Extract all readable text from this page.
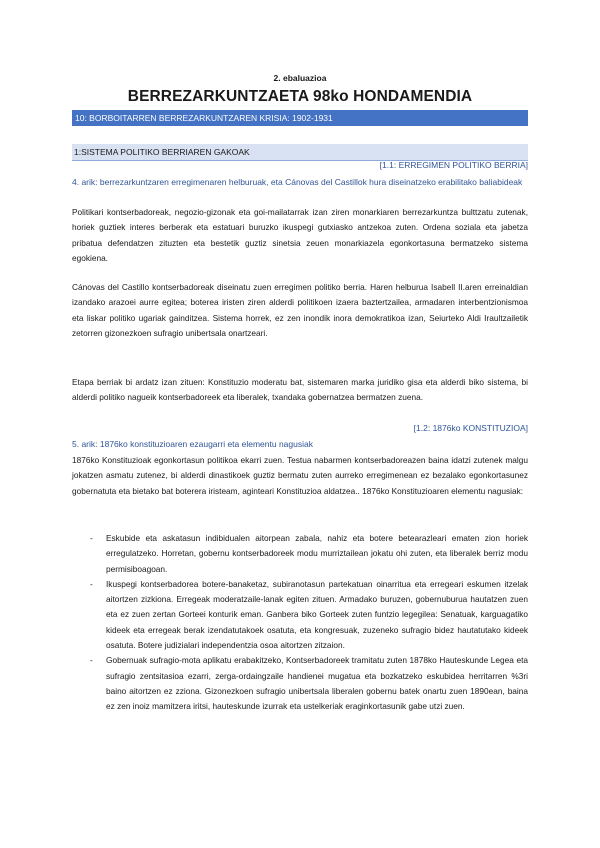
2. ebaluazioa
BERREZARKUNTZAETA 98ko HONDAMENDIA
10: BORBOITARREN BERREZARKUNTZAREN KRISIA: 1902-1931
1:SISTEMA POLITIKO BERRIAREN GAKOAK
[1.1: ERREGIMEN POLITIKO BERRIA]
4. arik: berrezarkuntzaren erregimenaren helburuak, eta Cánovas del Castillok hura diseinatzeko erabilitako baliabideak
Politikari kontserbadoreak, negozio-gizonak eta goi-mailatarrak izan ziren monarkiaren berrezarkuntza bulttzatu zutenak, horiek guztiek interes berberak eta estatuari buruzko ikuspegi gutxiasko antzekoa zuten. Ordena soziala eta jabetza pribatua defendatzen zituzten eta bestetik guztiz sinetsia zeuen monarkiazela egonkortasuna bermatzeko sistema egokiena.
Cánovas del Castillo kontserbadoreak diseinatu zuen erregimen politiko berria. Haren helburua Isabell II.aren erreinaldian izandako arazoei aurre egitea; boterea iristen ziren alderdi politikoen izaera baztertzailea, armadaren interbentzionismoa eta liskar politiko ugariak gainditzea. Sistema horrek, ez zen inondik inora demokratikoa izan, Seiurteko Aldi Iraultzailetik zetorren gizonezkoen sufragio unibertsala onartzeari.
Etapa berriak bi ardatz izan zituen: Konstituzio moderatu bat, sistemaren marka juridiko gisa eta alderdi biko sistema, bi alderdi politiko nagueik kontserbadoreek eta liberalek, txandaka gobernatzea bermatzen zuena.
[1.2: 1876ko KONSTITUZIOA]
5. arik: 1876ko konstituzioaren ezaugarri eta elementu nagusiak
1876ko Konstituzioak egonkortasun politikoa ekarri zuen. Testua nabarmen kontserbadoreazen baina idatzi zutenek malgu jokatzen asmatu zutenez, bi alderdi dinastikoek guztiz bermatu zuten aurreko erregimenean ez bezalako egonkortasunez gobernatuta eta bietako bat boterera iristeam, aginteari Konstituzioa aldatzea.. 1876ko Konstituzioaren elementu nagusiak:
- Eskubide eta askatasun indibidualen aitorpean zabala, nahiz eta botere betearazleari ematen zion horiek erregulatzeko. Horretan, gobernu kontserbadoreek modu murriztailean jokatu ohi zuten, eta liberalek berriz modu permisiboagoan.
- Ikuspegi kontserbadorea botere-banaketaz, subiranotasun partekatuan oinarritua eta erregeari eskumen itzelak aitortzen zizkiona. Erregeak moderatzaile-lanak egiten zituen. Armadako buruzen, gobernuburua hautatzen zuen eta ez zuen zertan Gorteei konturik eman. Ganbera biko Gorteek zuten funtzio legegilea: Senatuak, karguagatiko kideek eta erregeak berak izendatutakoek osatuta, eta kongresuak, zuzeneko sufragio bidez hautatutako kideek osatuta. Botere judizialari independentzia osoa aitortzen zitzaion.
- Gobernuak sufragio-mota aplikatu erabakitzeko, Kontserbadoreek tramitatu zuten 1878ko Hauteskunde Legea eta sufragio zentsitasioa ezarri, zerga-ordaingzaile handienei mugatua eta bozkatzeko eskubidea herritarren %3ri baino aitortzen ez zziona. Gizonezkoen sufragio unibertsala liberalen gobernu batek onartu zuen 1890ean, baina ez zen inoiz mamitzera iritsi, hauteskunde izurrak eta ustelkeriak eraginkortasunik gabe utzi zuen.
